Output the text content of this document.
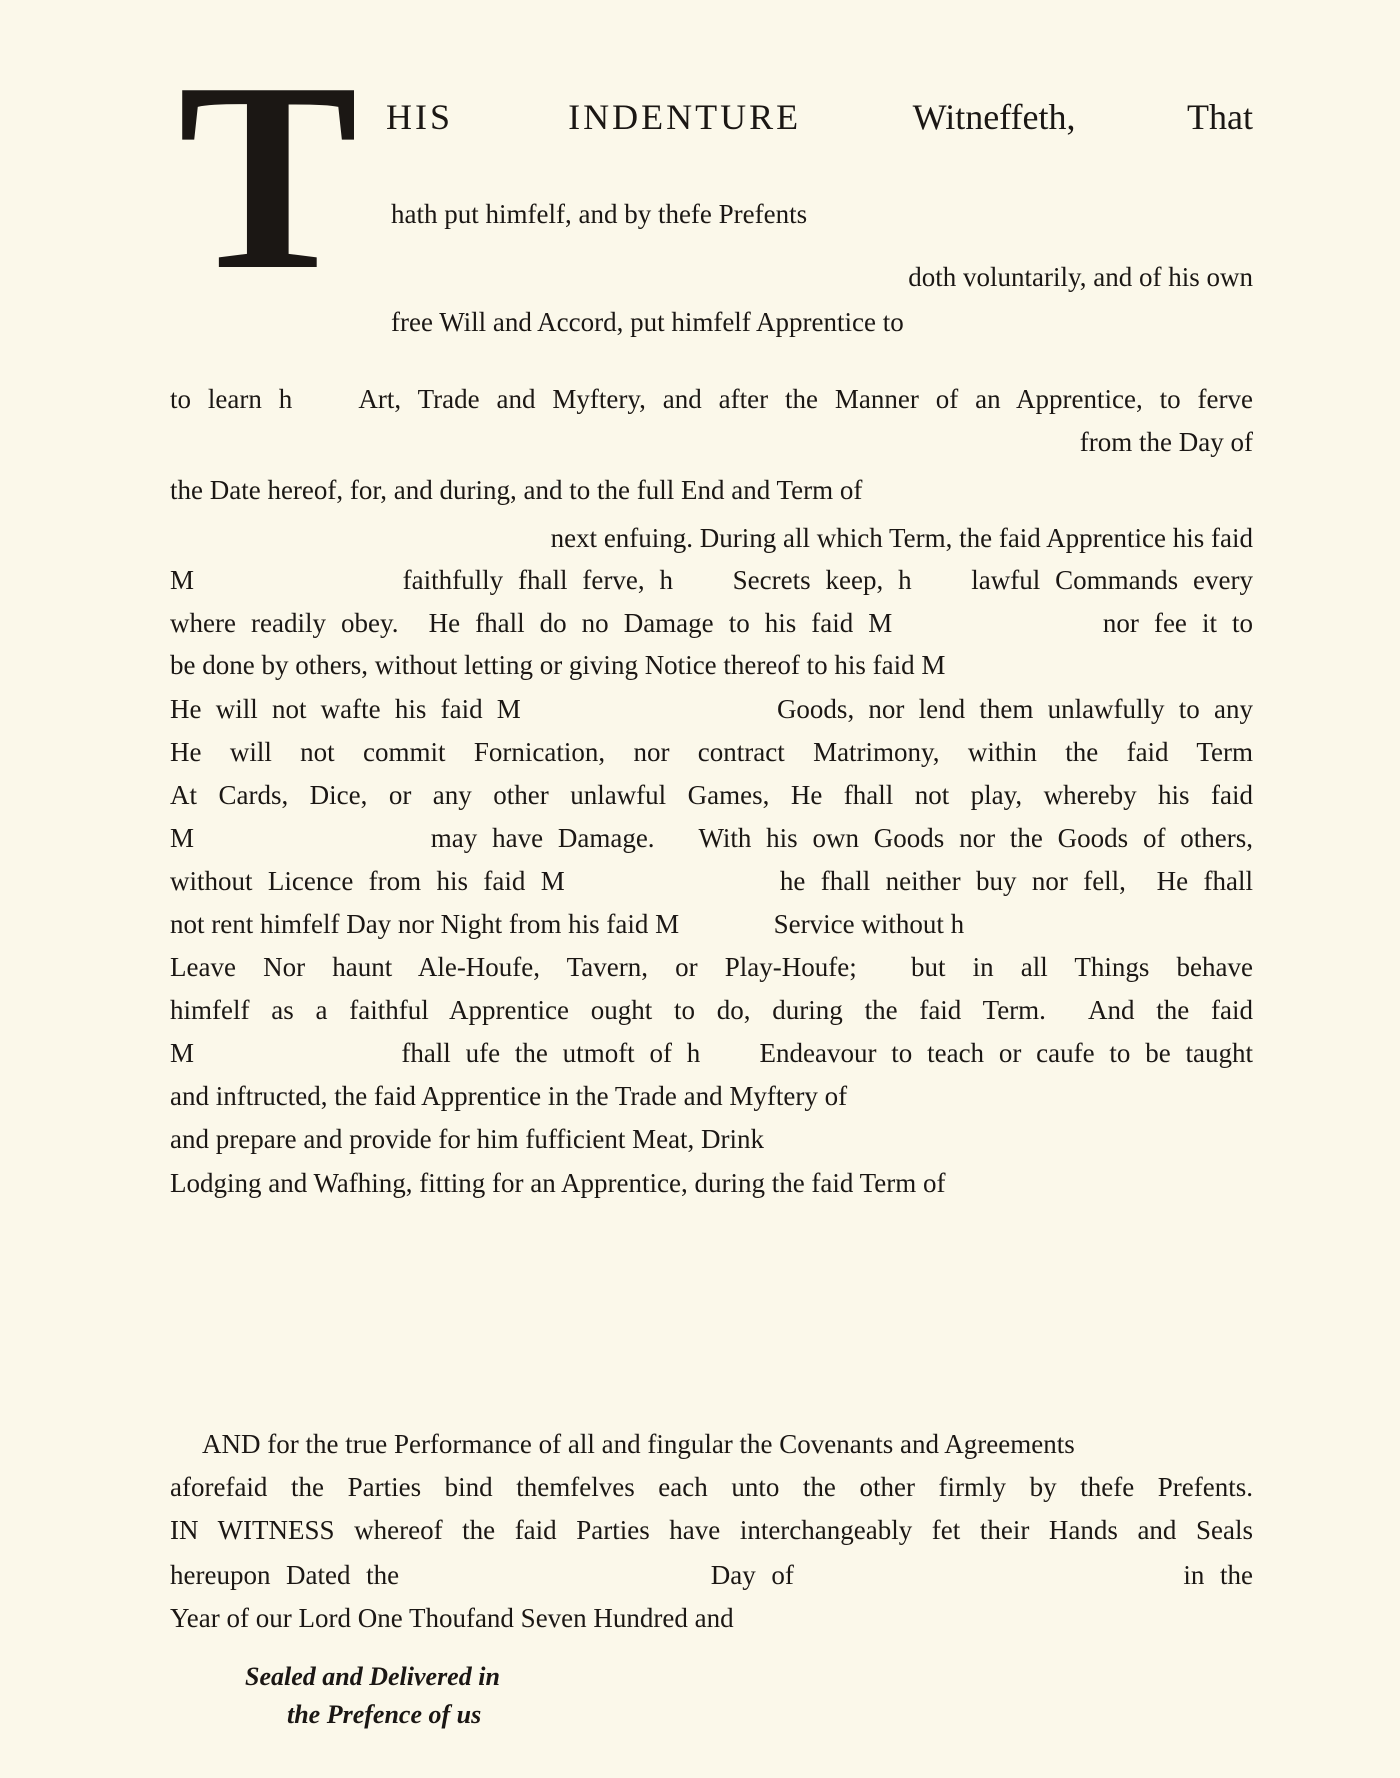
T HIS INDENTURE	Witneffeth,	That
hath put himfelf, and by thefe Prefents
doth voluntarily, and of his own
free Will and Accord, put himfelf Apprentice to
to learn h    Art, Trade and Myftery, and after the Manner of an Apprentice, to ferve
from the Day of
the Date hereof, for, and during, and to the full End and Term of
next enfuing. During all which Term, the faid Apprentice his faid
M              faithfully fhall ferve, h    Secrets keep, h    lawful Commands every
where readily obey.  He fhall do no Damage to his faid M              nor fee it to
be done by others, without letting or giving Notice thereof to his faid M
He will not wafte his faid M                  Goods, nor lend them unlawfully to any
He will not commit Fornication, nor contract Matrimony, within the faid Term
At Cards, Dice, or any other unlawful Games, He fhall not play, whereby his faid
M                may have Damage.   With his own Goods nor the Goods of others,
without Licence from his faid M              he fhall neither buy nor fell,  He fhall
not rent himfelf Day nor Night from his faid M              Service without h
Leave Nor haunt Ale-Houfe, Tavern, or Play-Houfe;  but in all Things behave
himfelf as a faithful Apprentice ought to do, during the faid Term.  And the faid
M              fhall ufe the utmoft of h    Endeavour to teach or caufe to be taught
and inftructed, the faid Apprentice in the Trade and Myftery of
and prepare and provide for him fufficient Meat, Drink
Lodging and Wafhing, fitting for an Apprentice, during the faid Term of
AND for the true Performance of all and fingular the Covenants and Agreements
aforefaid the Parties bind themfelves each unto the other firmly by thefe Prefents.
IN WITNESS whereof the faid Parties have interchangeably fet their Hands and Seals
hereupon Dated the                    Day of                         in the
Year of our Lord One Thoufand Seven Hundred and
Sealed and Delivered in
the Prefence of us
